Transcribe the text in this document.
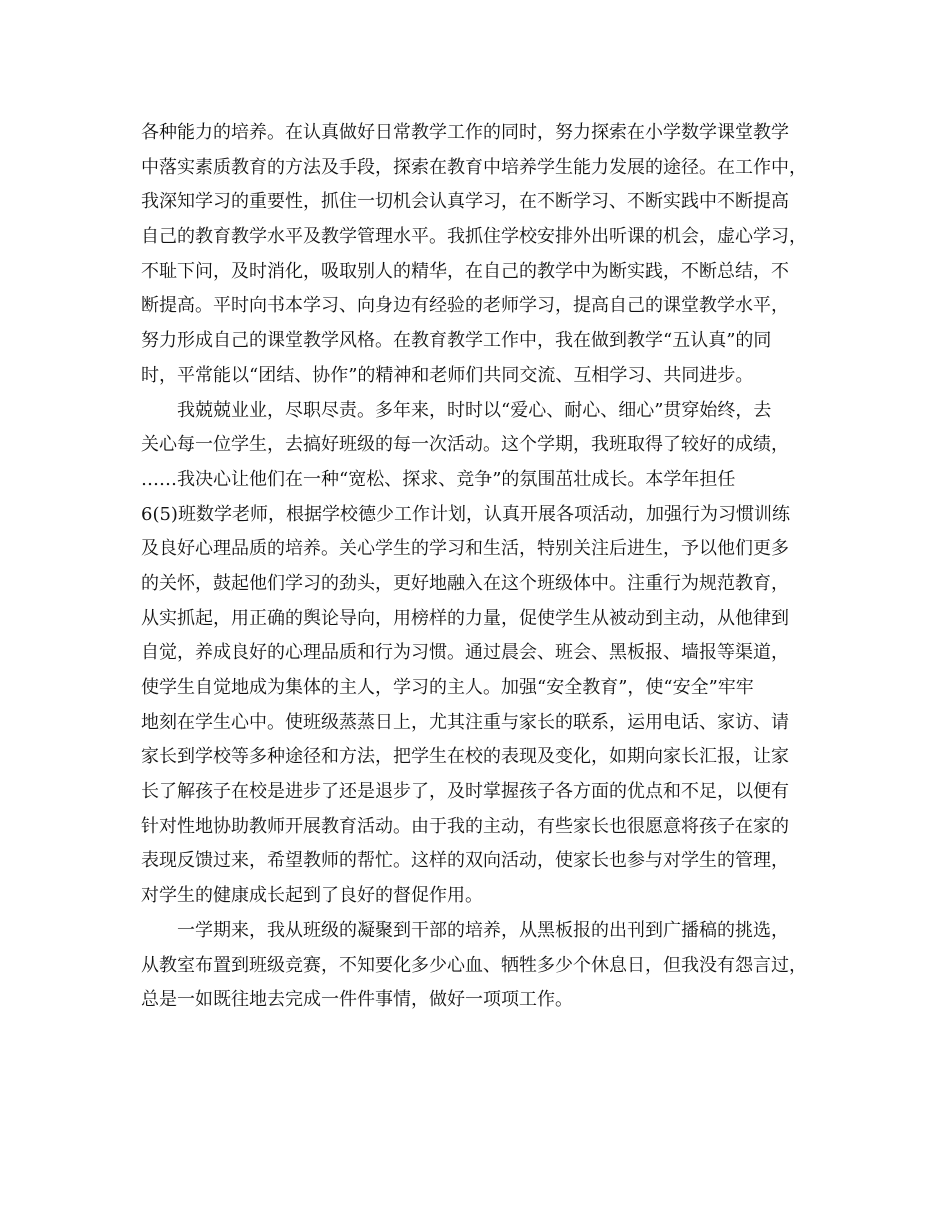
各种能力的培养。在认真做好日常教学工作的同时，努力探索在小学数学课堂教学
中落实素质教育的方法及手段，探索在教育中培养学生能力发展的途径。在工作中，
我深知学习的重要性，抓住一切机会认真学习，在不断学习、不断实践中不断提高
自己的教育教学水平及教学管理水平。我抓住学校安排外出听课的机会，虚心学习，
不耻下问，及时消化，吸取别人的精华，在自己的教学中为断实践，不断总结，不
断提高。平时向书本学习、向身边有经验的老师学习，提高自己的课堂教学水平，
努力形成自己的课堂教学风格。在教育教学工作中，我在做到教学“五认真”的同
时，平常能以“团结、协作”的精神和老师们共同交流、互相学习、共同进步。
　　我兢兢业业，尽职尽责。多年来，时时以“爱心、耐心、细心”贯穿始终，去
关心每一位学生，去搞好班级的每一次活动。这个学期，我班取得了较好的成绩，
……我决心让他们在一种“宽松、探求、竞争”的氛围茁壮成长。本学年担任
6(5)班数学老师，根据学校德少工作计划，认真开展各项活动，加强行为习惯训练
及良好心理品质的培养。关心学生的学习和生活，特别关注后进生，予以他们更多
的关怀，鼓起他们学习的劲头，更好地融入在这个班级体中。注重行为规范教育，
从实抓起，用正确的舆论导向，用榜样的力量，促使学生从被动到主动，从他律到
自觉，养成良好的心理品质和行为习惯。通过晨会、班会、黑板报、墙报等渠道，
使学生自觉地成为集体的主人，学习的主人。加强“安全教育”，使“安全”牢牢
地刻在学生心中。使班级蒸蒸日上，尤其注重与家长的联系，运用电话、家访、请
家长到学校等多种途径和方法，把学生在校的表现及变化，如期向家长汇报，让家
长了解孩子在校是进步了还是退步了，及时掌握孩子各方面的优点和不足，以便有
针对性地协助教师开展教育活动。由于我的主动，有些家长也很愿意将孩子在家的
表现反馈过来，希望教师的帮忙。这样的双向活动，使家长也参与对学生的管理，
对学生的健康成长起到了良好的督促作用。
　　一学期来，我从班级的凝聚到干部的培养，从黑板报的出刊到广播稿的挑选，
从教室布置到班级竞赛，不知要化多少心血、牺牲多少个休息日，但我没有怨言过，
总是一如既往地去完成一件件事情，做好一项项工作。
